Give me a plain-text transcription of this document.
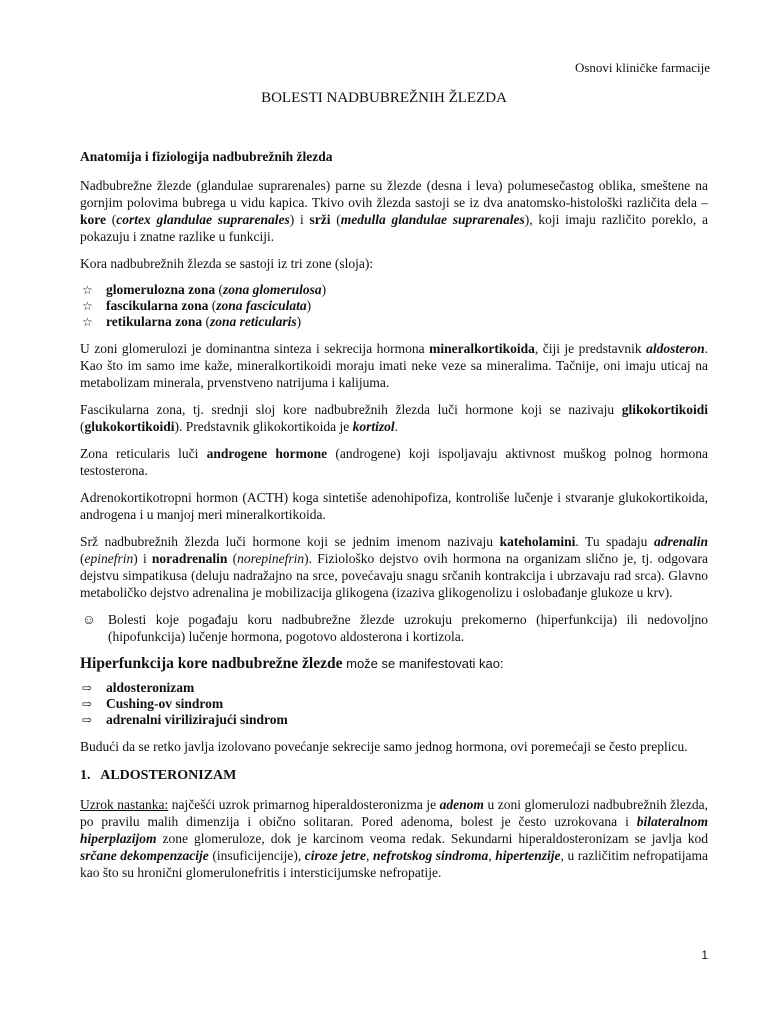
Osnovi kliničke farmacije
BOLESTI NADBUBREŽNIH ŽLEZDA
Anatomija i fiziologija nadbubrežnih žlezda

Nadbubrežne žlezde (glandulae suprarenales) parne su žlezde (desna i leva) polumesečastog oblika, smeštene na gornjim polovima bubrega u vidu kapica. Tkivo ovih žlezda sastoji se iz dva anatomsko-histološki različita dela – kore (cortex glandulae suprarenales) i srži (medulla glandulae suprarenales), koji imaju različito poreklo, a pokazuju i znatne razlike u funkciji.

Kora nadbubrežnih žlezda se sastoji iz tri zone (sloja):

☆ glomerulozna zona (zona glomerulosa)
☆ fascikularna zona (zona fasciculata)
☆ retikularna zona (zona reticularis)

U zoni glomerulozi je dominantna sinteza i sekrecija hormona mineralkortikoida, čiji je predstavnik aldosteron. Kao što im samo ime kaže, mineralkortikoidi moraju imati neke veze sa mineralima. Tačnije, oni imaju uticaj na metabolizam minerala, prvenstveno natrijuma i kalijuma.

Fascikularna zona, tj. srednji sloj kore nadbubrežnih žlezda luči hormone koji se nazivaju glikokortikoidi (glukokortikoidi). Predstavnik glikokortikoida je kortizol.

Zona reticularis luči androgene hormone (androgene) koji ispoljavaju aktivnost muškog polnog hormona testosterona.

Adrenokortikotropni hormon (ACTH) koga sintetiše adenohipofiza, kontroliše lučenje i stvaranje glukokortikoida, androgena i u manjoj meri mineralkortikoida.

Srž nadbubrežnih žlezda luči hormone koji se jednim imenom nazivaju kateholamini. Tu spadaju adrenalin (epinefrin) i noradrenalin (norepinefrin). Fiziološko dejstvo ovih hormona na organizam slično je, tj. odgovara dejstvu simpatikusa (deluju nadražajno na srce, povećavaju snagu srčanih kontrakcija i ubrzavaju rad srca). Glavno metaboličko dejstvo adrenalina je mobilizacija glikogena (izaziva glikogenolizu i oslobađanje glukoze u krv).

☺ Bolesti koje pogađaju koru nadbubrežne žlezde uzrokuju prekomerno (hiperfunkcija) ili nedovoljno (hipofunkcija) lučenje hormona, pogotovo aldosterona i kortizola.

Hiperfunkcija kore nadbubrežne žlezde može se manifestovati kao:
⇨ aldosteronizam
⇨ Cushing-ov sindrom
⇨ adrenalni virilizirajući sindrom

Budući da se retko javlja izolovano povećanje sekrecije samo jednog hormona, ovi poremećaji se često preplicu.

1.   ALDOSTERONIZAM

Uzrok nastanka: najčešći uzrok primarnog hiperaldosteronizma je adenom u zoni glomerulozi nadbubrežnih žlezda, po pravilu malih dimenzija i obično solitaran. Pored adenoma, bolest je često uzrokovana i bilateralnom hiperplazijom zone glomeruloze, dok je karcinom veoma redak. Sekundarni hiperaldosteronizam se javlja kod srčane dekompenzacije (insuficijencije), ciroze jetre, nefrotskog sindroma, hipertenzije, u različitim nefropatijama kao što su hronični glomerulonefritis i intersticijumske nefropatije.

1
